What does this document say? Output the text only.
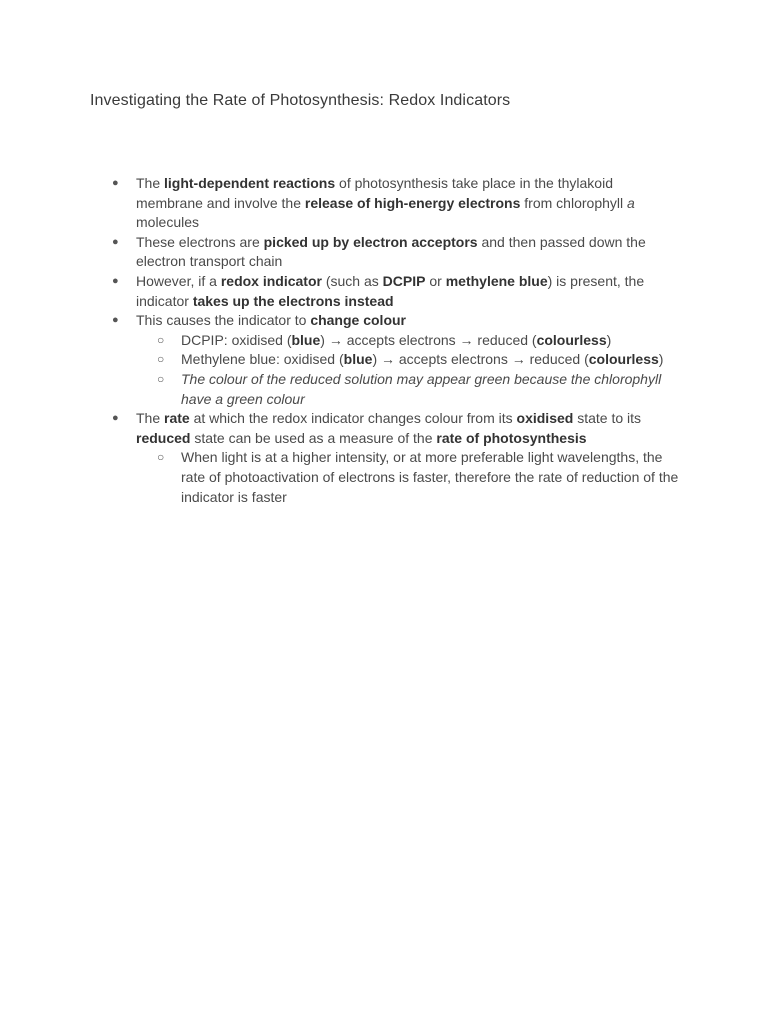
Investigating the Rate of Photosynthesis: Redox Indicators
● The light-dependent reactions of photosynthesis take place in the thylakoid membrane and involve the release of high-energy electrons from chlorophyll a molecules
● These electrons are picked up by electron acceptors and then passed down the electron transport chain
● However, if a redox indicator (such as DCPIP or methylene blue) is present, the indicator takes up the electrons instead
● This causes the indicator to change colour
○ DCPIP: oxidised (blue) → accepts electrons → reduced (colourless)
○ Methylene blue: oxidised (blue) → accepts electrons → reduced (colourless)
○ The colour of the reduced solution may appear green because the chlorophyll have a green colour
● The rate at which the redox indicator changes colour from its oxidised state to its reduced state can be used as a measure of the rate of photosynthesis
○ When light is at a higher intensity, or at more preferable light wavelengths, the rate of photoactivation of electrons is faster, therefore the rate of reduction of the indicator is faster
